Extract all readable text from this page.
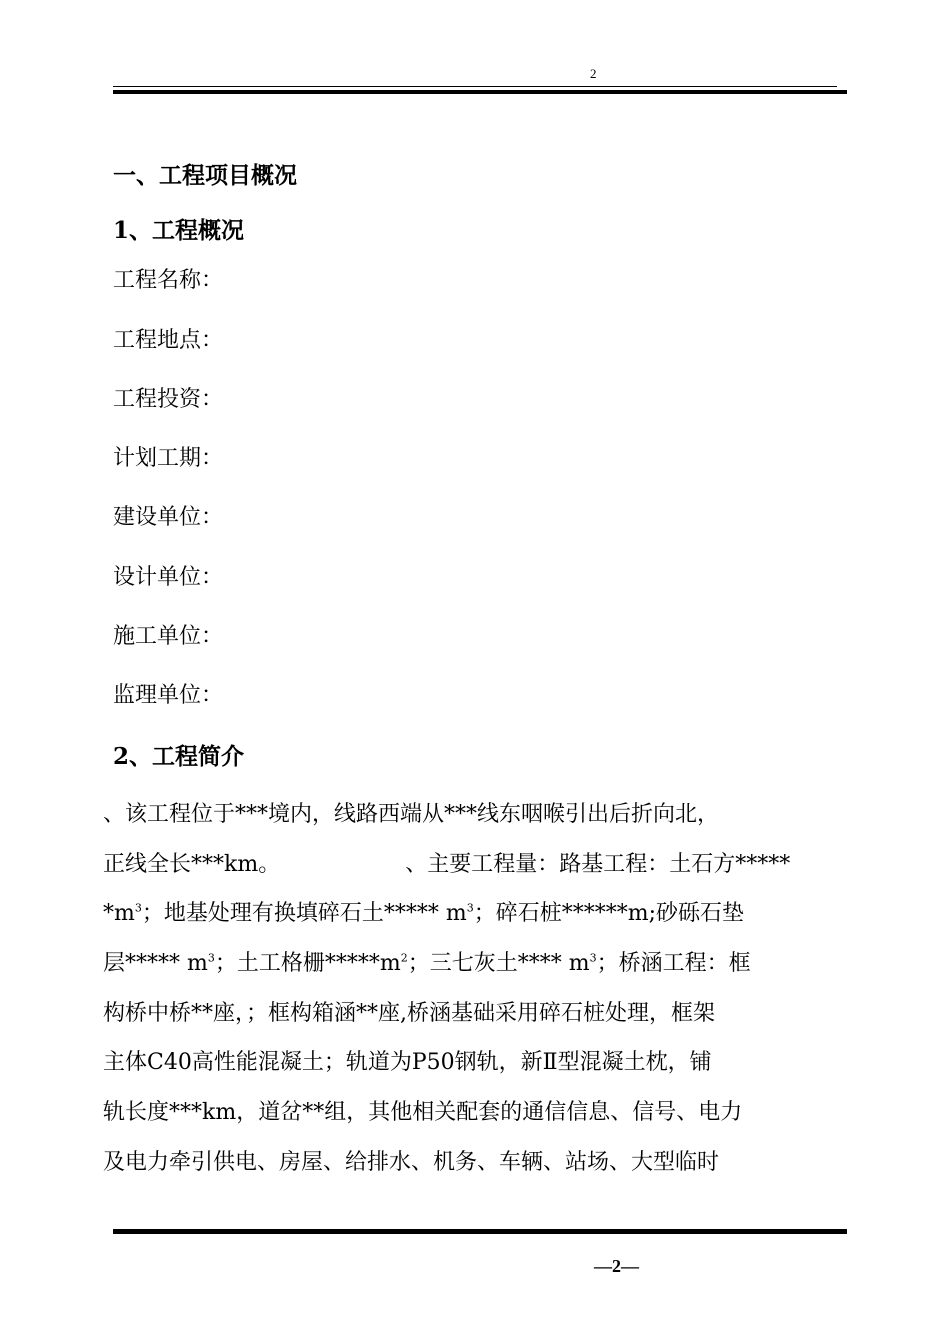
2
一、工程项目概况
1、工程概况
工程名称：
工程地点：
工程投资：
计划工期：
建设单位：
设计单位：
施工单位：
监理单位：
2、工程简介
、该工程位于***境内，线路西端从***线东咽喉引出后折向北，
正线全长***km。	、主要工程量：路基工程：土石方*****
$*m^3$；地基处理有换填碎石土***** $m^3$；碎石桩******m;砂砾石垫
层***** $m^3$；土工格栅$*****m^2$；三七灰土**** $m^3$；桥涵工程：框
构桥中桥**座，；框构箱涵**座,桥涵基础采用碎石桩处理，框架
主体C40高性能混凝土；轨道为P50钢轨，新Ⅱ型混凝土枕，铺
轨长度***km，道岔**组，其他相关配套的通信信息、信号、电力
及电力牵引供电、房屋、给排水、机务、车辆、站场、大型临时
—2—
